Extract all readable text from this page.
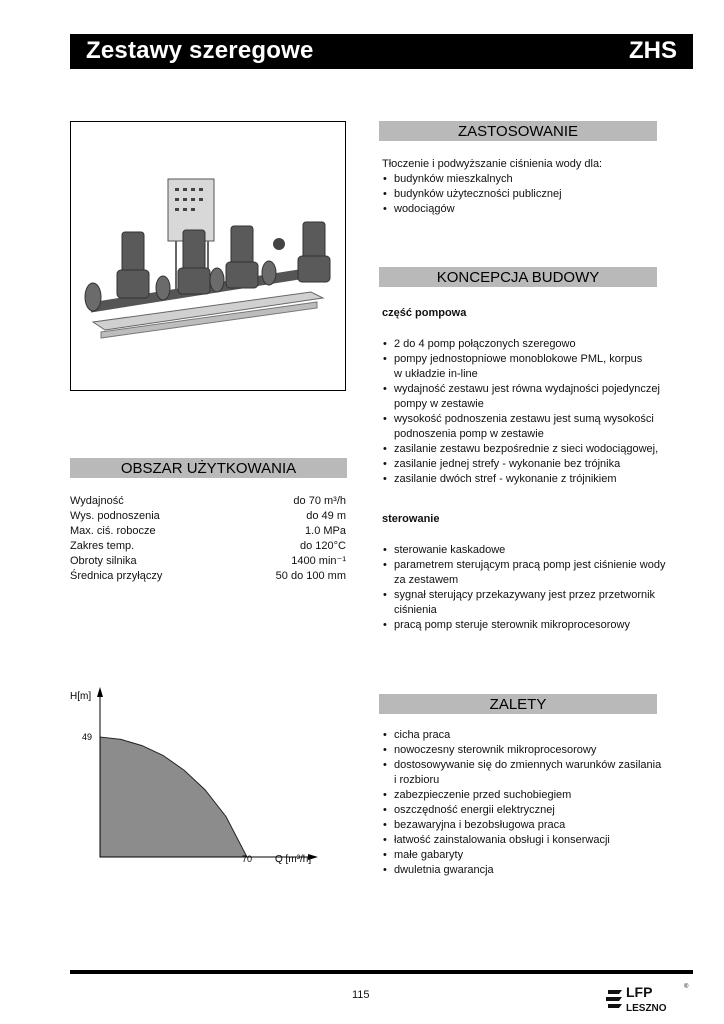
Zestawy szeregowe	ZHS
ZASTOSOWANIE
Tłoczenie i podwyższanie ciśnienia wody dla:
• budynków mieszkalnych
• budynków użyteczności publicznej
• wodociągów
KONCEPCJA BUDOWY
część pompowa
• 2 do 4 pomp połączonych szeregowo
• pompy jednostopniowe monoblokowe PML, korpus w układzie in-line
• wydajność zestawu jest równa wydajności pojedynczej pompy w zestawie
• wysokość podnoszenia zestawu jest sumą wysokości podnoszenia pomp w zestawie
• zasilanie zestawu bezpośrednie z sieci wodociągowej,
• zasilanie jednej strefy - wykonanie bez trójnika
• zasilanie dwóch stref - wykonanie z trójnikiem
sterowanie
• sterowanie kaskadowe
• parametrem sterującym pracą pomp jest ciśnienie wody za zestawem
• sygnał sterujący przekazywany jest przez przetwornik ciśnienia
• pracą pomp steruje sterownik mikroprocesorowy
OBSZAR UŻYTKOWANIA
Wydajność	do 70 m³/h
Wys. podnoszenia	do 49 m
Max. ciś. robocze	1.0 MPa
Zakres temp.	do 120°C
Obroty silnika	1400 min⁻¹
Średnica przyłączy	50 do 100 mm
H[m]
49
70 Q [m³/h]
ZALETY
• cicha praca
• nowoczesny sterownik mikroprocesorowy
• dostosowywanie się do zmiennych warunków zasilania i rozbioru
• zabezpieczenie przed suchobiegiem
• oszczędność energii elektrycznej
• bezawaryjna i bezobsługowa praca
• łatwość zainstalowania obsługi i konserwacji
• małe gabaryty
• dwuletnia gwarancja
115	LFP
LESZNO
®
